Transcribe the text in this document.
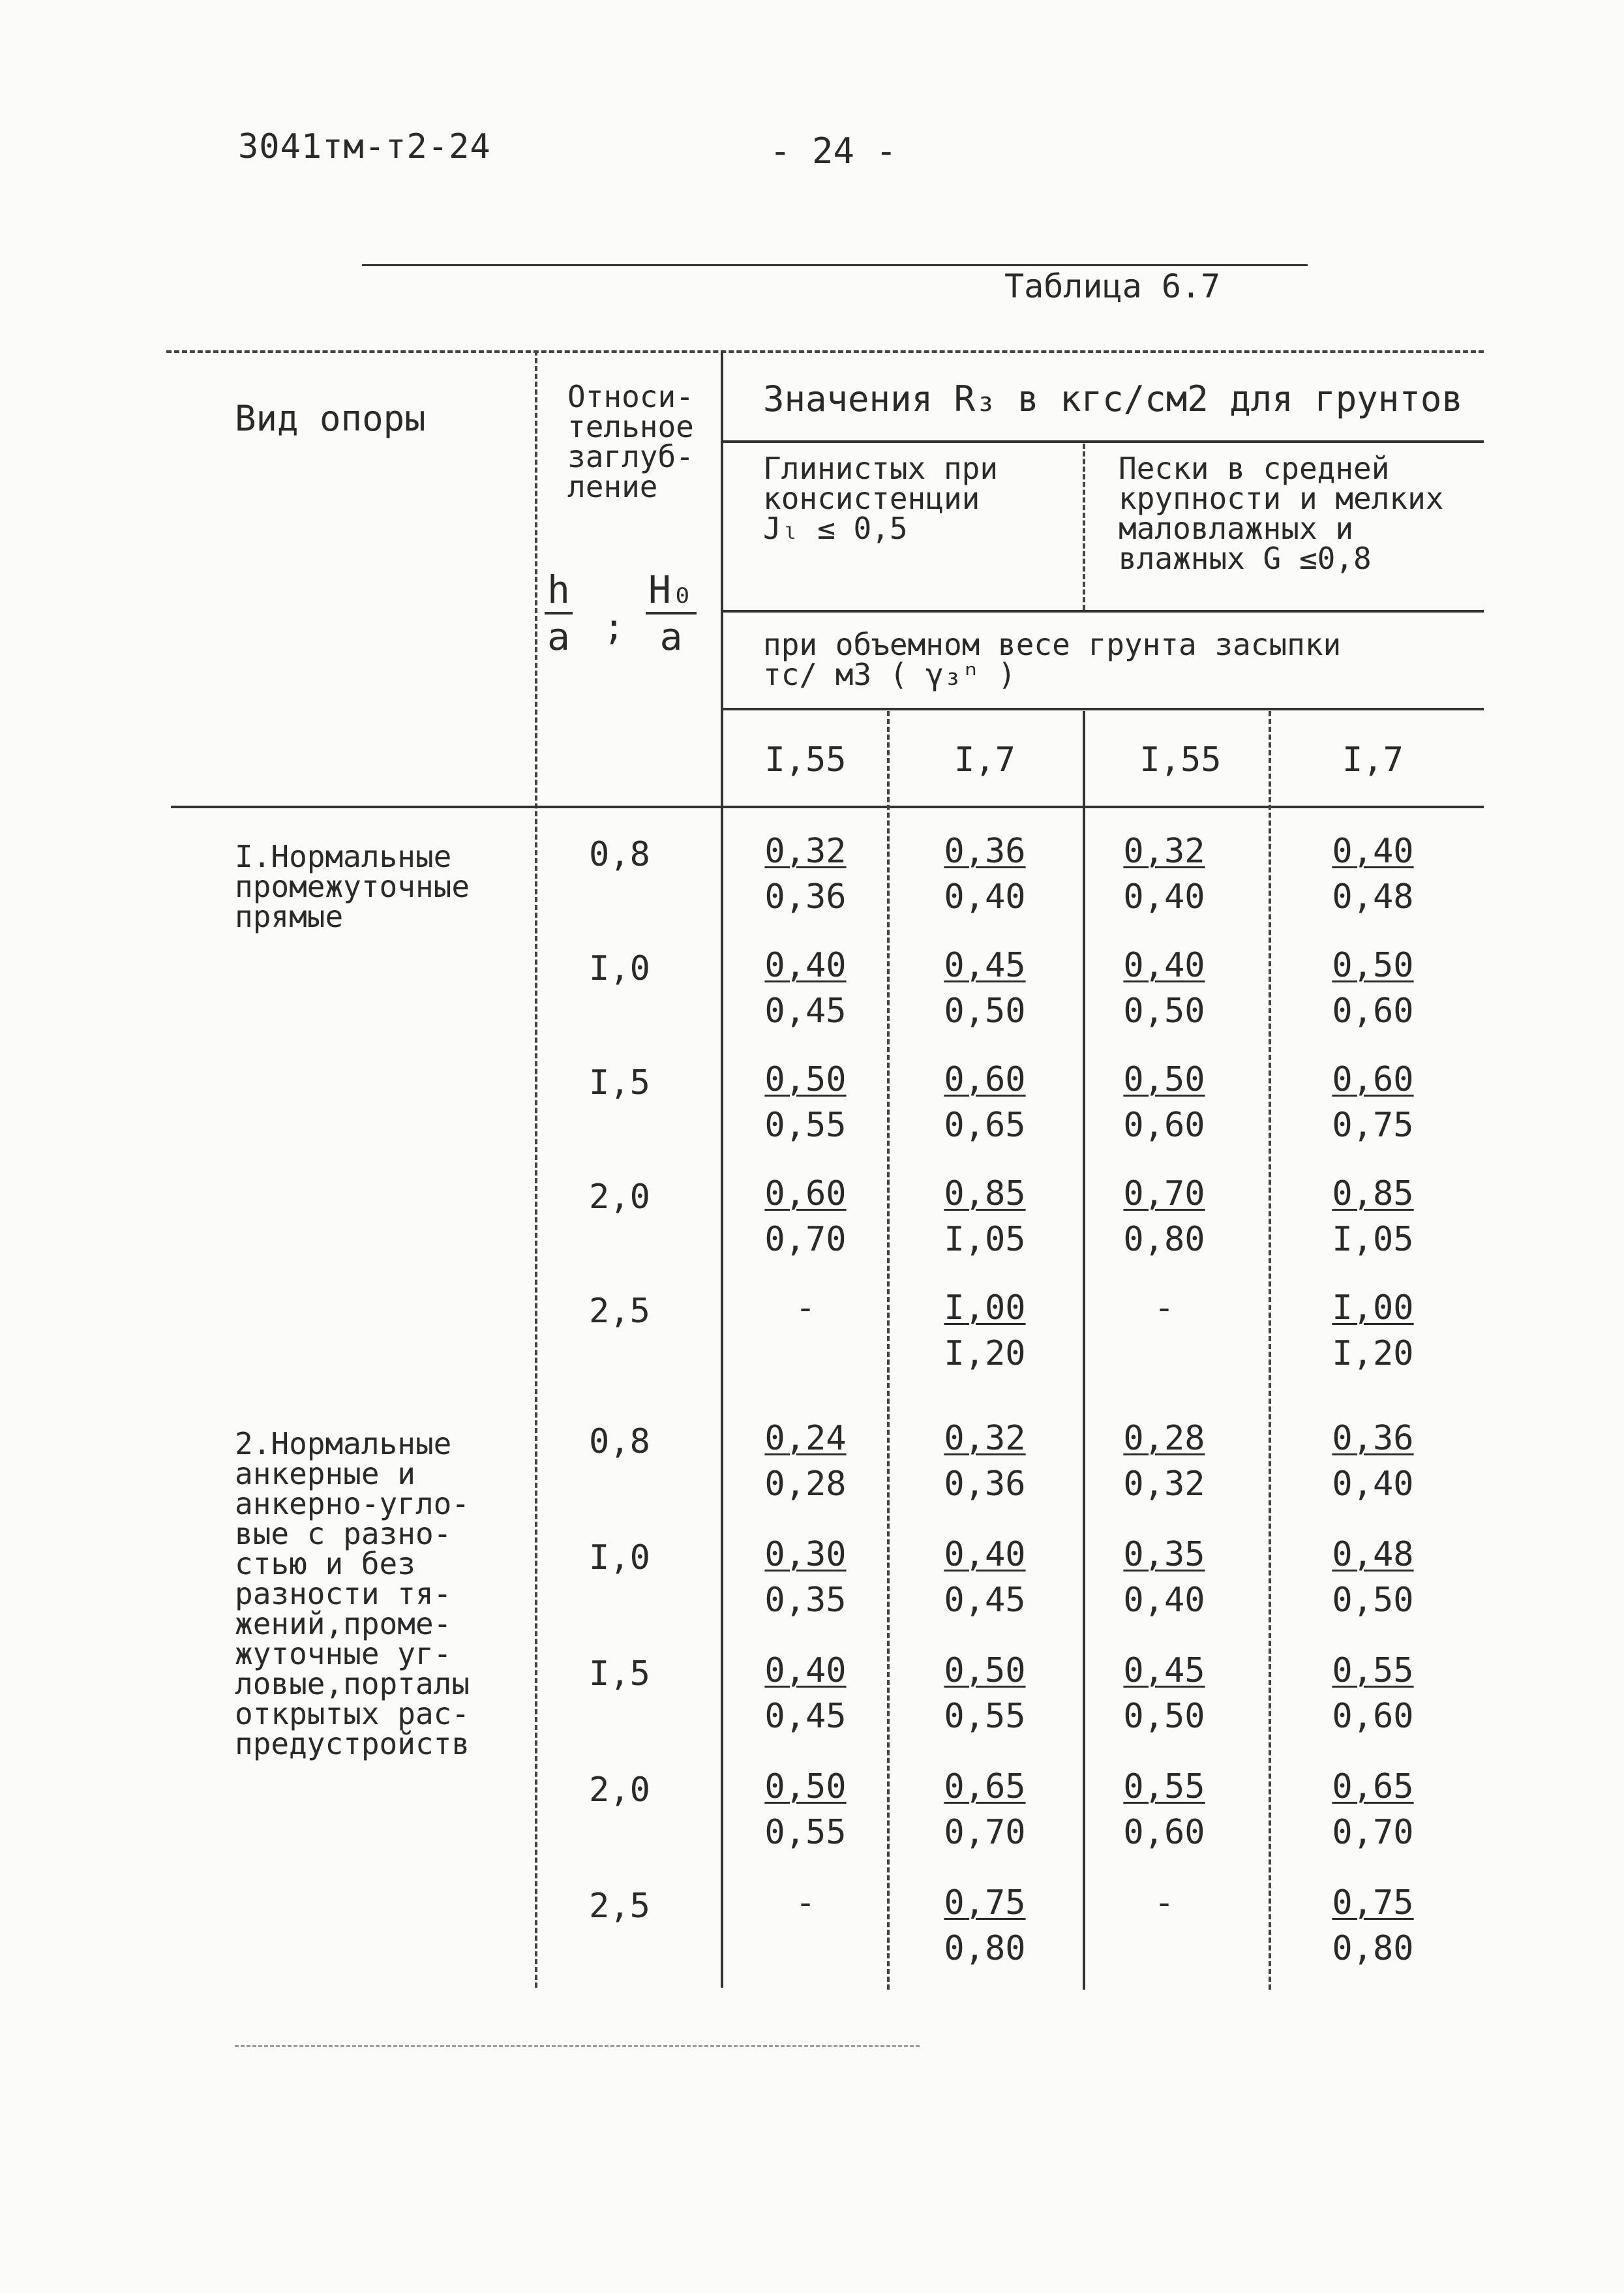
3041тм-т2-24	- 24 -
Таблица 6.7
Вид опоры
Относи-
тельное
заглуб-
ление
$\frac{h}{a}$ ; $\frac{\text{H₀}}{a}$
Значения R₃ в кгс/см2 для грунтов
Глинистых при
консистенции
Jₗ ≤ 0,5
Пески в средней
крупности и мелких
маловлажных и
влажных G ≤0,8
при объемном весе грунта засыпки
тс/ м3 ( γ₃ⁿ )
I,55	I,7	I,55	I,7
I.Нормальные
промежуточные
прямые
0,8	$\frac{0,32}{0,36} \frac{0,36}{0,40} \frac{0,32}{0,40} \frac{0,40}{0,48}$
I,0	$\frac{0,40}{0,45} \frac{0,45}{0,50} \frac{0,40}{0,50} \frac{0,50}{0,60}$
I,5	$\frac{0,50}{0,55} \frac{0,60}{0,65} \frac{0,50}{0,60} \frac{0,60}{0,75}$
2,0	$\frac{0,60}{0,70} \frac{0,85}{I,05} \frac{0,70}{0,80} \frac{0,85}{I,05}$
2,5	-	$\frac{I,00}{I,20}$	-	$\frac{I,00}{I,20}$
2.Нормальные
анкерные и
анкерно-угло-
вые с разно-
стью и без
разности тя-
жений,проме-
жуточные уг-
ловые,порталы
открытых рас-
предустройств
0,8	$\frac{0,24}{0,28} \frac{0,32}{0,36} \frac{0,28}{0,32} \frac{0,36}{0,40}$
I,0	$\frac{0,30}{0,35} \frac{0,40}{0,45} \frac{0,35}{0,40} \frac{0,48}{0,50}$
I,5	$\frac{0,40}{0,45} \frac{0,50}{0,55} \frac{0,45}{0,50} \frac{0,55}{0,60}$
2,0	$\frac{0,50}{0,55} \frac{0,65}{0,70} \frac{0,55}{0,60} \frac{0,65}{0,70}$
2,5	-	$\frac{0,75}{0,80}$	-	$\frac{0,75}{0,80}$
